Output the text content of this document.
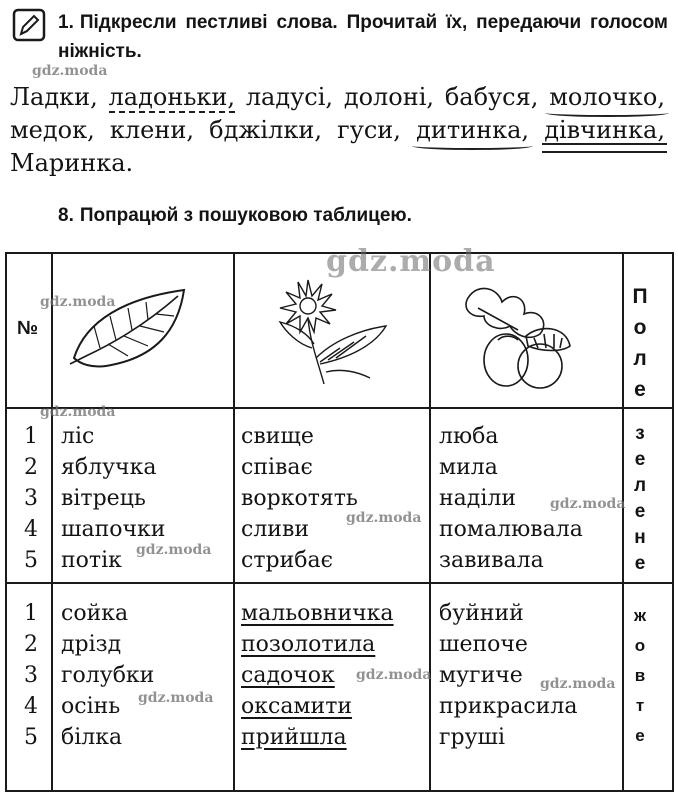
1. Підкресли пестливі слова. Прочитай їх, передаючи голосом ніжність.
Ладки, ладоньки, ладусі, долоні, бабуся, молочко, медок, клени, бджілки, гуси, дитинка, дівчинка, Маринка.
8. Попрацюй з пошуковою таблицею.
№
П
о
л
е
1
2
3
4
5
ліс
яблучка
вітрець
шапочки
потік
свище
співає
воркотять
сливи
стрибає
люба
мила
наділи
помалювала
завивала
з
е
л
е
н
е
1
2
3
4
5
сойка
дрізд
голубки
осінь
білка
мальовничка
позолотила
садочок
оксамити
прийшла
буйний
шепоче
мугиче
прикрасила
груші
ж
о
в
т
е
gdz.moda
gdz.moda
gdz.moda
gdz.moda
gdz.moda
gdz.moda
gdz.moda
gdz.moda
gdz.moda
gdz.moda
